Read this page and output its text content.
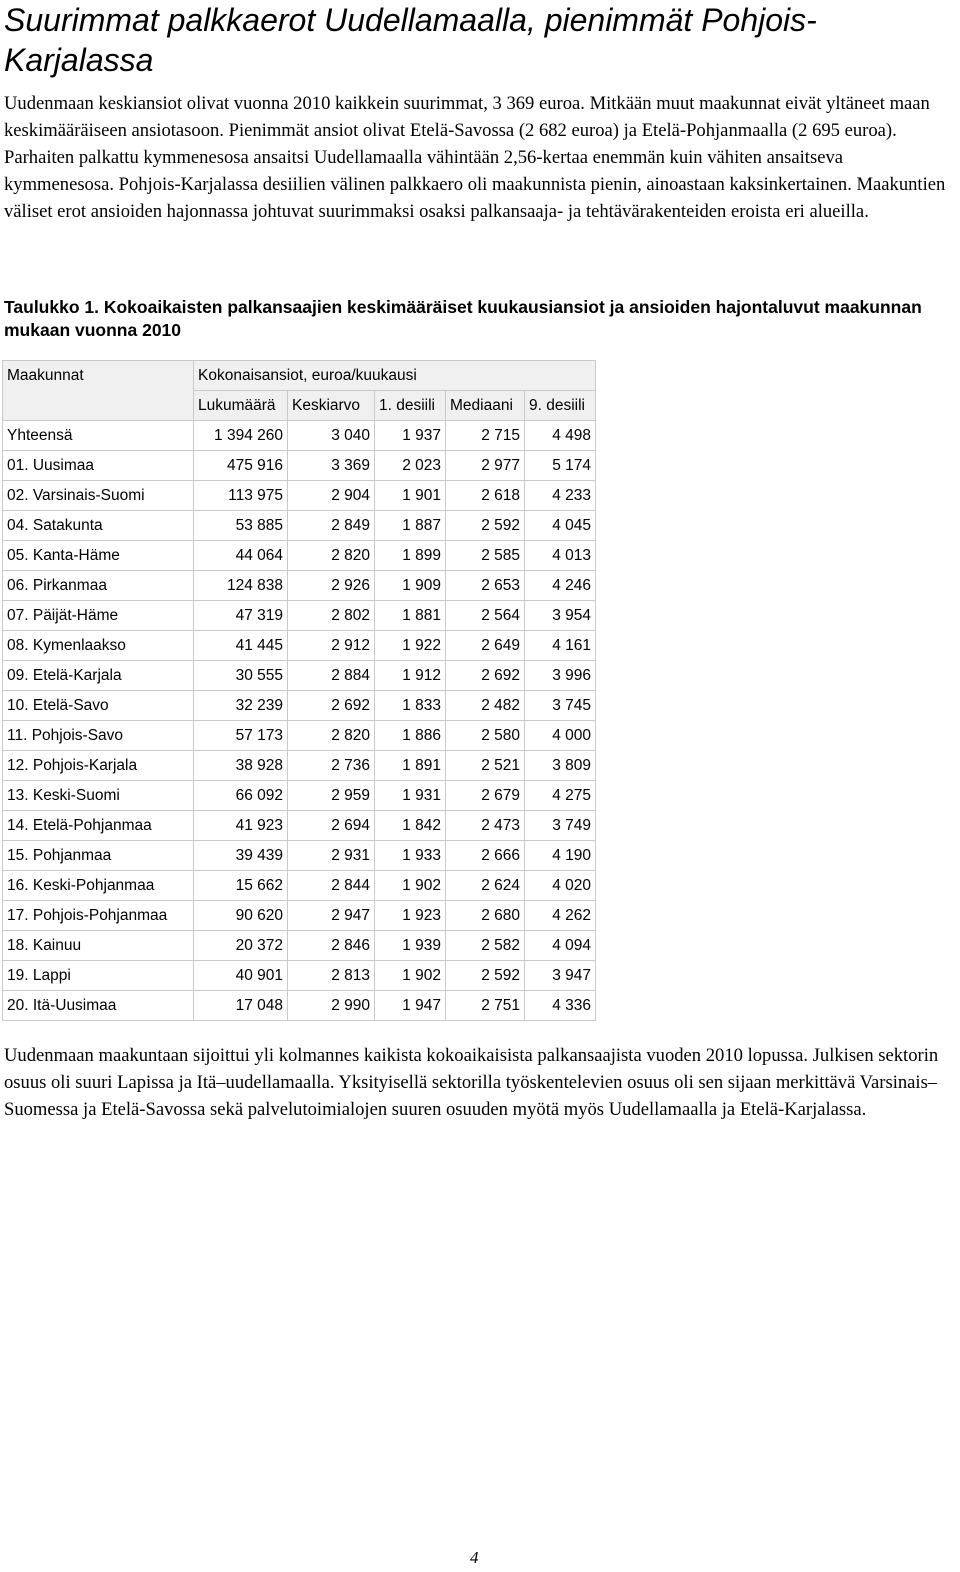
Suurimmat palkkaerot Uudellamaalla, pienimmät Pohjois-Karjalassa

Uudenmaan keskiansiot olivat vuonna 2010 kaikkein suurimmat, 3 369 euroa. Mitkään muut maakunnat eivät yltäneet maan keskimääräiseen ansiotasoon. Pienimmät ansiot olivat Etelä-Savossa (2 682 euroa) ja Etelä-Pohjanmaalla (2 695 euroa). Parhaiten palkattu kymmenesosa ansaitsi Uudellamaalla vähintään 2,56-kertaa enemmän kuin vähiten ansaitseva kymmenesosa. Pohjois-Karjalassa desiilien välinen palkkaero oli maakunnista pienin, ainoastaan kaksinkertainen. Maakuntien väliset erot ansioiden hajonnassa johtuvat suurimmaksi osaksi palkansaaja- ja tehtävärakenteiden eroista eri alueilla.

Taulukko 1. Kokoaikaisten palkansaajien keskimääräiset kuukausiansiot ja ansioiden hajontaluvut maakunnan mukaan vuonna 2010

Maakunnat	Kokonaisansiot, euroa/kuukausi				
	Lukumäärä	Keskiarvo	1. desiili	Mediaani	9. desiili
Yhteensä	1 394 260	3 040	1 937	2 715	4 498
01. Uusimaa	475 916	3 369	2 023	2 977	5 174
02. Varsinais-Suomi	113 975	2 904	1 901	2 618	4 233
04. Satakunta	53 885	2 849	1 887	2 592	4 045
05. Kanta-Häme	44 064	2 820	1 899	2 585	4 013
06. Pirkanmaa	124 838	2 926	1 909	2 653	4 246
07. Päijät-Häme	47 319	2 802	1 881	2 564	3 954
08. Kymenlaakso	41 445	2 912	1 922	2 649	4 161
09. Etelä-Karjala	30 555	2 884	1 912	2 692	3 996
10. Etelä-Savo	32 239	2 692	1 833	2 482	3 745
11. Pohjois-Savo	57 173	2 820	1 886	2 580	4 000
12. Pohjois-Karjala	38 928	2 736	1 891	2 521	3 809
13. Keski-Suomi	66 092	2 959	1 931	2 679	4 275
14. Etelä-Pohjanmaa	41 923	2 694	1 842	2 473	3 749
15. Pohjanmaa	39 439	2 931	1 933	2 666	4 190
16. Keski-Pohjanmaa	15 662	2 844	1 902	2 624	4 020
17. Pohjois-Pohjanmaa	90 620	2 947	1 923	2 680	4 262
18. Kainuu	20 372	2 846	1 939	2 582	4 094
19. Lappi	40 901	2 813	1 902	2 592	3 947
20. Itä-Uusimaa	17 048	2 990	1 947	2 751	4 336

Uudenmaan maakuntaan sijoittui yli kolmannes kaikista kokoaikaisista palkansaajista vuoden 2010 lopussa. Julkisen sektorin osuus oli suuri Lapissa ja Itä–uudellamaalla. Yksityisellä sektorilla työskentelevien osuus oli sen sijaan merkittävä Varsinais–Suomessa ja Etelä-Savossa sekä palvelutoimialojen suuren osuuden myötä myös Uudellamaalla ja Etelä-Karjalassa.

4
